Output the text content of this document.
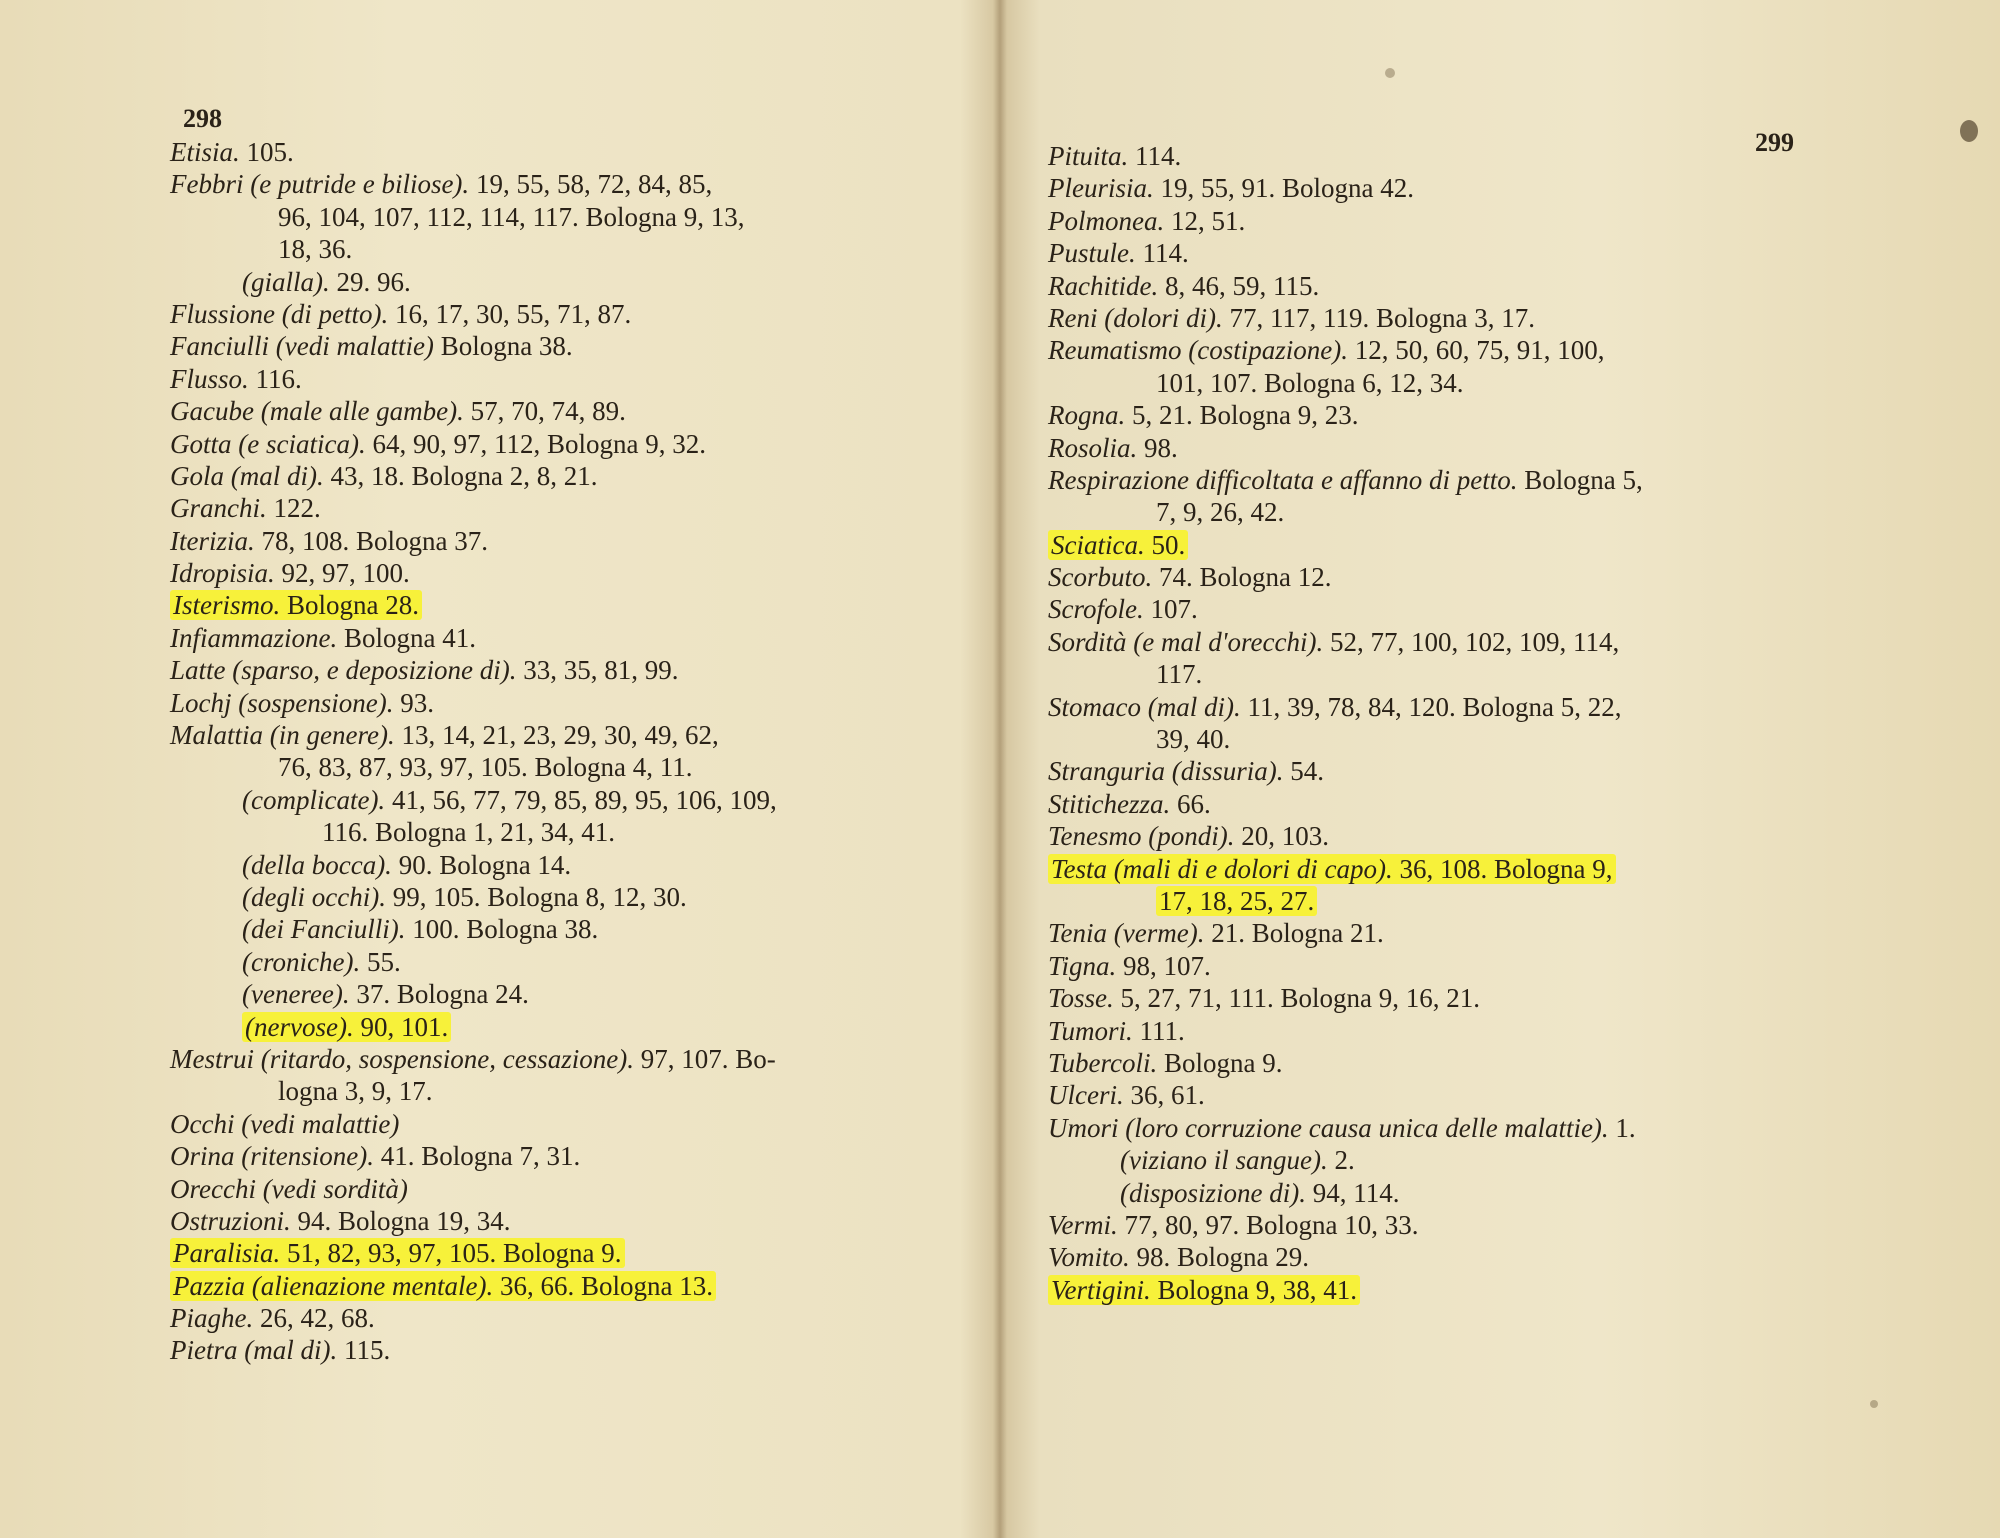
298
Etisia. 105.
Febbri (e putride e biliose). 19, 55, 58, 72, 84, 85,
96, 104, 107, 112, 114, 117. Bologna 9, 13,
18, 36.
(gialla). 29. 96.
Flussione (di petto). 16, 17, 30, 55, 71, 87.
Fanciulli (vedi malattie) Bologna 38.
Flusso. 116.
Gacube (male alle gambe). 57, 70, 74, 89.
Gotta (e sciatica). 64, 90, 97, 112, Bologna 9, 32.
Gola (mal di). 43, 18. Bologna 2, 8, 21.
Granchi. 122.
Iterizia. 78, 108. Bologna 37.
Idropisia. 92, 97, 100.
Isterismo. Bologna 28.
Infiammazione. Bologna 41.
Latte (sparso, e deposizione di). 33, 35, 81, 99.
Lochj (sospensione). 93.
Malattia (in genere). 13, 14, 21, 23, 29, 30, 49, 62,
76, 83, 87, 93, 97, 105. Bologna 4, 11.
(complicate). 41, 56, 77, 79, 85, 89, 95, 106, 109,
116. Bologna 1, 21, 34, 41.
(della bocca). 90. Bologna 14.
(degli occhi). 99, 105. Bologna 8, 12, 30.
(dei Fanciulli). 100. Bologna 38.
(croniche). 55.
(veneree). 37. Bologna 24.
(nervose). 90, 101.
Mestrui (ritardo, sospensione, cessazione). 97, 107. Bo-
logna 3, 9, 17.
Occhi (vedi malattie)
Orina (ritensione). 41. Bologna 7, 31.
Orecchi (vedi sordità)
Ostruzioni. 94. Bologna 19, 34.
Paralisia. 51, 82, 93, 97, 105. Bologna 9.
Pazzia (alienazione mentale). 36, 66. Bologna 13.
Piaghe. 26, 42, 68.
Pietra (mal di). 115.
299
Pituita. 114.
Pleurisia. 19, 55, 91. Bologna 42.
Polmonea. 12, 51.
Pustule. 114.
Rachitide. 8, 46, 59, 115.
Reni (dolori di). 77, 117, 119. Bologna 3, 17.
Reumatismo (costipazione). 12, 50, 60, 75, 91, 100,
101, 107. Bologna 6, 12, 34.
Rogna. 5, 21. Bologna 9, 23.
Rosolia. 98.
Respirazione difficoltata e affanno di petto. Bologna 5,
7, 9, 26, 42.
Sciatica. 50.
Scorbuto. 74. Bologna 12.
Scrofole. 107.
Sordità (e mal d'orecchi). 52, 77, 100, 102, 109, 114,
117.
Stomaco (mal di). 11, 39, 78, 84, 120. Bologna 5, 22,
39, 40.
Stranguria (dissuria). 54.
Stitichezza. 66.
Tenesmo (pondi). 20, 103.
Testa (mali di e dolori di capo). 36, 108. Bologna 9,
17, 18, 25, 27.
Tenia (verme). 21. Bologna 21.
Tigna. 98, 107.
Tosse. 5, 27, 71, 111. Bologna 9, 16, 21.
Tumori. 111.
Tubercoli. Bologna 9.
Ulceri. 36, 61.
Umori (loro corruzione causa unica delle malattie). 1.
(viziano il sangue). 2.
(disposizione di). 94, 114.
Vermi. 77, 80, 97. Bologna 10, 33.
Vomito. 98. Bologna 29.
Vertigini. Bologna 9, 38, 41.
